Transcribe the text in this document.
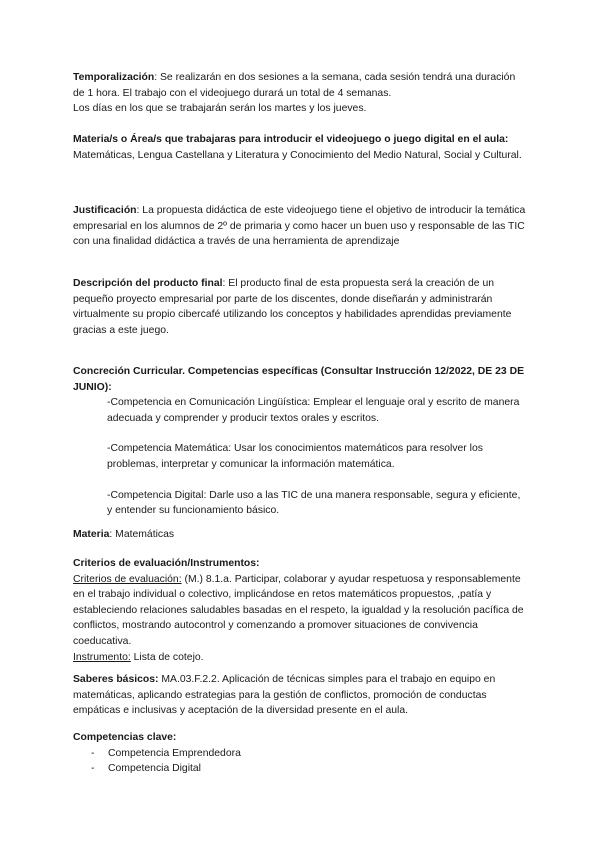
Temporalización: Se realizarán en dos sesiones a la semana, cada sesión tendrá una duración de 1 hora. El trabajo con el videojuego durará un total de 4 semanas.

Los días en los que se trabajarán serán los martes y los jueves.

Materia/s o Área/s que trabajaras para introducir el videojuego o juego digital en el aula:

Matemáticas, Lengua Castellana y Literatura y Conocimiento del Medio Natural, Social y Cultural.

Justificación: La propuesta didáctica de este videojuego tiene el objetivo de introducir la temática empresarial en los alumnos de 2º de primaria y como hacer un buen uso y responsable de las TIC con una finalidad didáctica a través de una herramienta de aprendizaje

Descripción del producto final: El producto final de esta propuesta será la creación de un pequeño proyecto empresarial por parte de los discentes, donde diseñarán y administrarán virtualmente su propio cibercafé utilizando los conceptos y habilidades aprendidas previamente gracias a este juego.

Concreción Curricular. Competencias específicas (Consultar Instrucción 12/2022, DE 23 DE JUNIO):

-Competencia en Comunicación Lingüística: Emplear el lenguaje oral y escrito de manera adecuada y comprender y producir textos orales y escritos.

-Competencia Matemática: Usar los conocimientos matemáticos para resolver los problemas, interpretar y comunicar la información matemática.

-Competencia Digital: Darle uso a las TIC de una manera responsable, segura y eficiente, y entender su funcionamiento básico.

Materia: Matemáticas

Criterios de evaluación/Instrumentos:

Criterios de evaluación: (M.) 8.1.a. Participar, colaborar y ayudar respetuosa y responsablemente en el trabajo individual o colectivo, implicándose en retos matemáticos propuestos, ,patía y estableciendo relaciones saludables basadas en el respeto, la igualdad y la resolución pacífica de conflictos, mostrando autocontrol y comenzando a promover situaciones de convivencia coeducativa.

Instrumento: Lista de cotejo.

Saberes básicos: MA.03.F.2.2. Aplicación de técnicas simples para el trabajo en equipo en matemáticas, aplicando estrategias para la gestión de conflictos, promoción de conductas empáticas e inclusivas y aceptación de la diversidad presente en el aula.

Competencias clave:

- Competencia Emprendedora
- Competencia Digital
